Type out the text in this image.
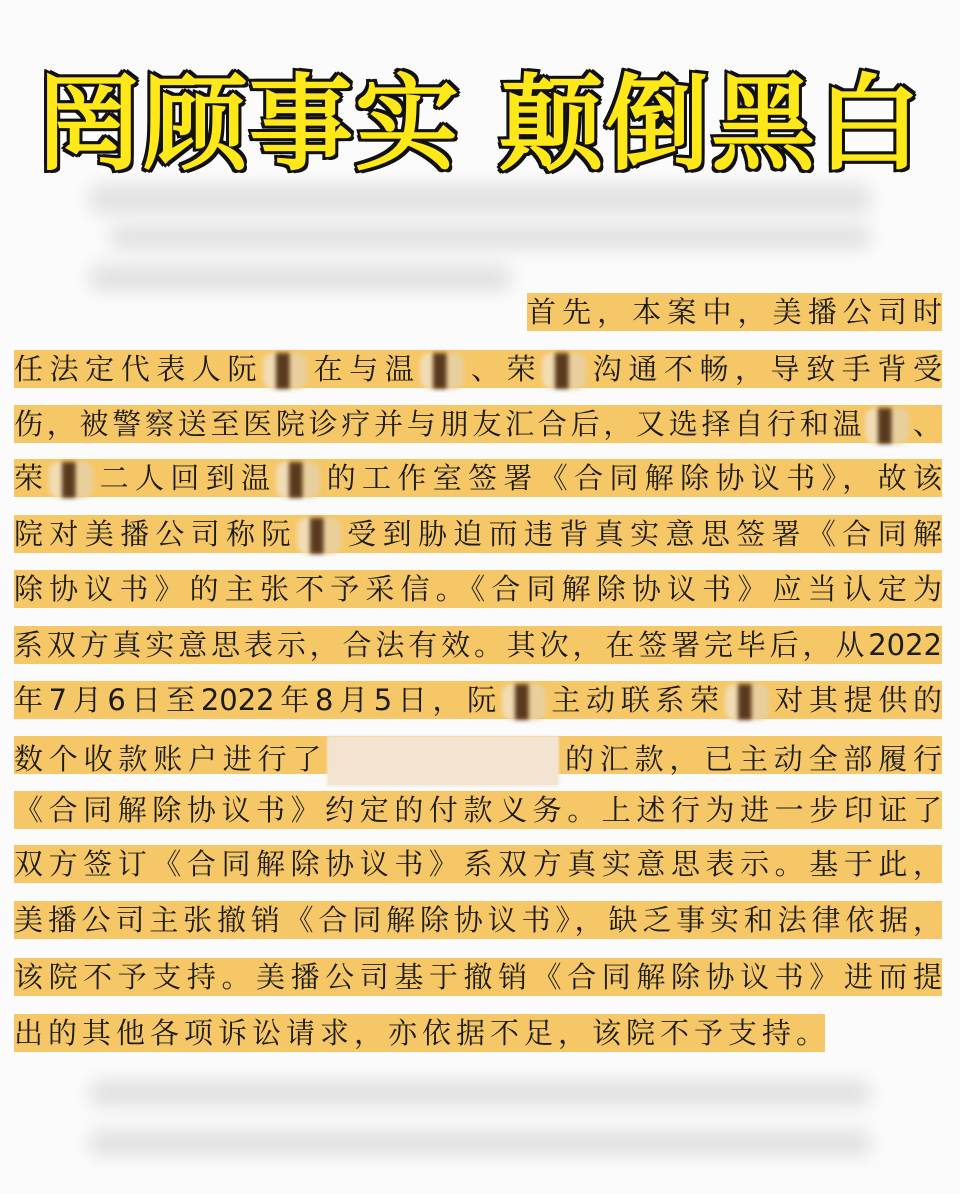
罔顾事实 颠倒黑白
首先，本案中，美播公司时
任法定代表人阮 在与温 、荣 沟通不畅，导致手背受
伤，被警察送至医院诊疗并与朋友汇合后，又选择自行和温 、
荣 二人回到温 的工作室签署《合同解除协议书》，故该
院对美播公司称阮 受到胁迫而违背真实意思签署《合同解
除协议书》的主张不予采信。《合同解除协议书》应当认定为
系双方真实意思表示，合法有效。其次，在签署完毕后，从2022
年7月6日至2022年8月5日，阮 主动联系荣 对其提供的
数个收款账户进行了	的汇款，已主动全部履行
《合同解除协议书》约定的付款义务。上述行为进一步印证了
双方签订《合同解除协议书》系双方真实意思表示。基于此，
美播公司主张撤销《合同解除协议书》，缺乏事实和法律依据，
该院不予支持。美播公司基于撤销《合同解除协议书》进而提
出的其他各项诉讼请求，亦依据不足，该院不予支持。
